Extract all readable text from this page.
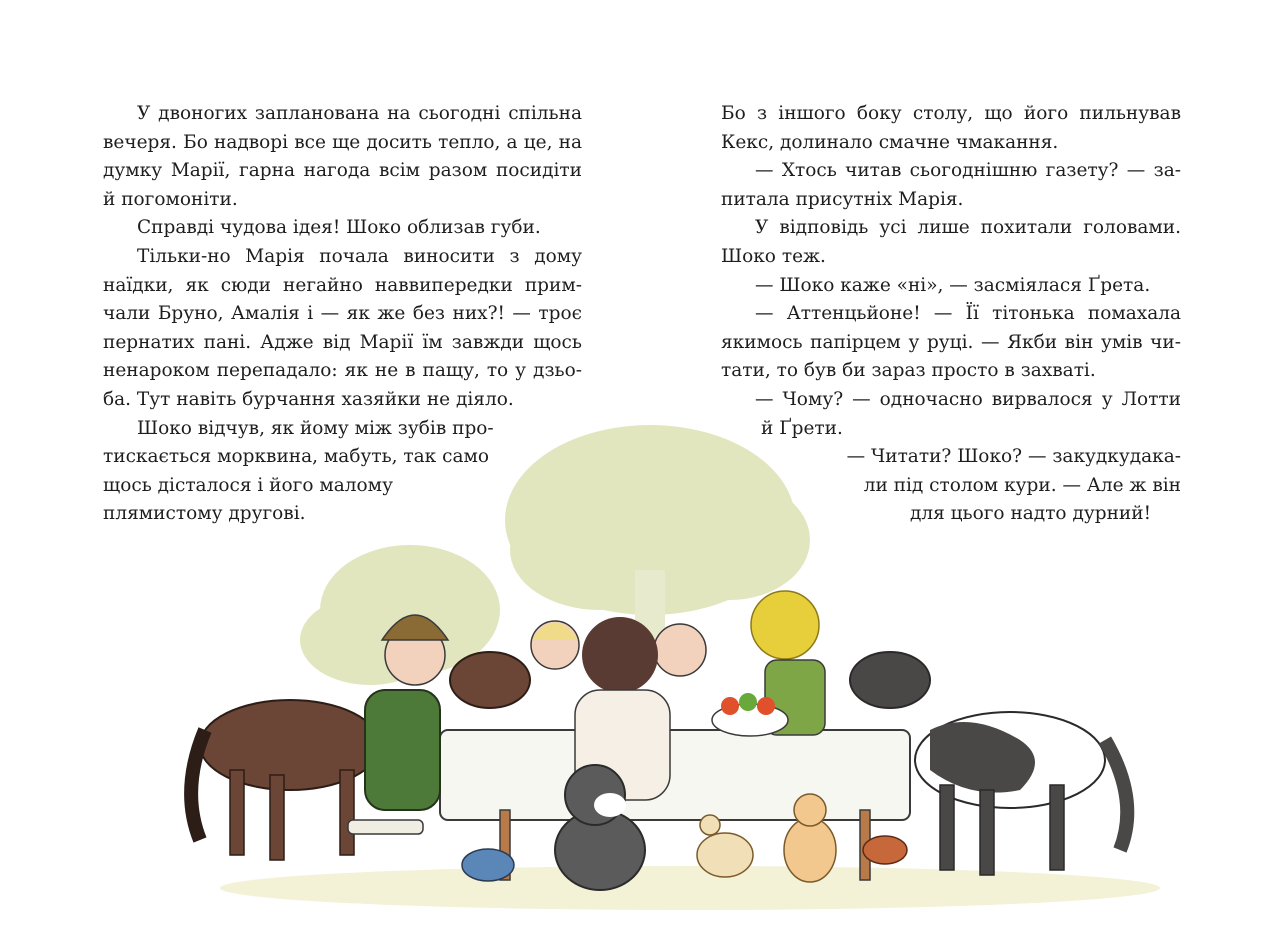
У двоногих запланована на сьогодні спільна
вечеря. Бо надворі все ще досить тепло, а це, на
думку Марії, гарна нагода всім разом посидіти
й погомоніти.
Справді чудова ідея! Шоко облизав губи.
Тільки-но Марія почала виносити з дому
наїдки, як сюди негайно наввипередки прим-
чали Бруно, Амалія і — як же без них?! — троє
пернатих пані. Адже від Марії їм завжди щось
ненароком перепадало: як не в пащу, то у дзьо-
ба. Тут навіть бурчання хазяйки не діяло.
Шоко відчув, як йому між зубів про-
тискається морквина, мабуть, так само
щось дісталося і його малому
плямистому другові.
Бо з іншого боку столу, що його пильнував
Кекс, долинало смачне чмакання.
— Хтось читав сьогоднішню газету? — за-
питала присутніх Марія.
У відповідь усі лише похитали головами.
Шоко теж.
— Шоко каже «ні», — засміялася Ґрета.
— Аттенцьйоне! — Її тітонька помахала
якимось папірцем у руці. — Якби він умів чи-
тати, то був би зараз просто в захваті.
— Чому? — одночасно вирвалося у Лотти
й Ґрети.
— Читати? Шоко? — закудкудака-
ли під столом кури. — Але ж він
для цього надто дурний!
